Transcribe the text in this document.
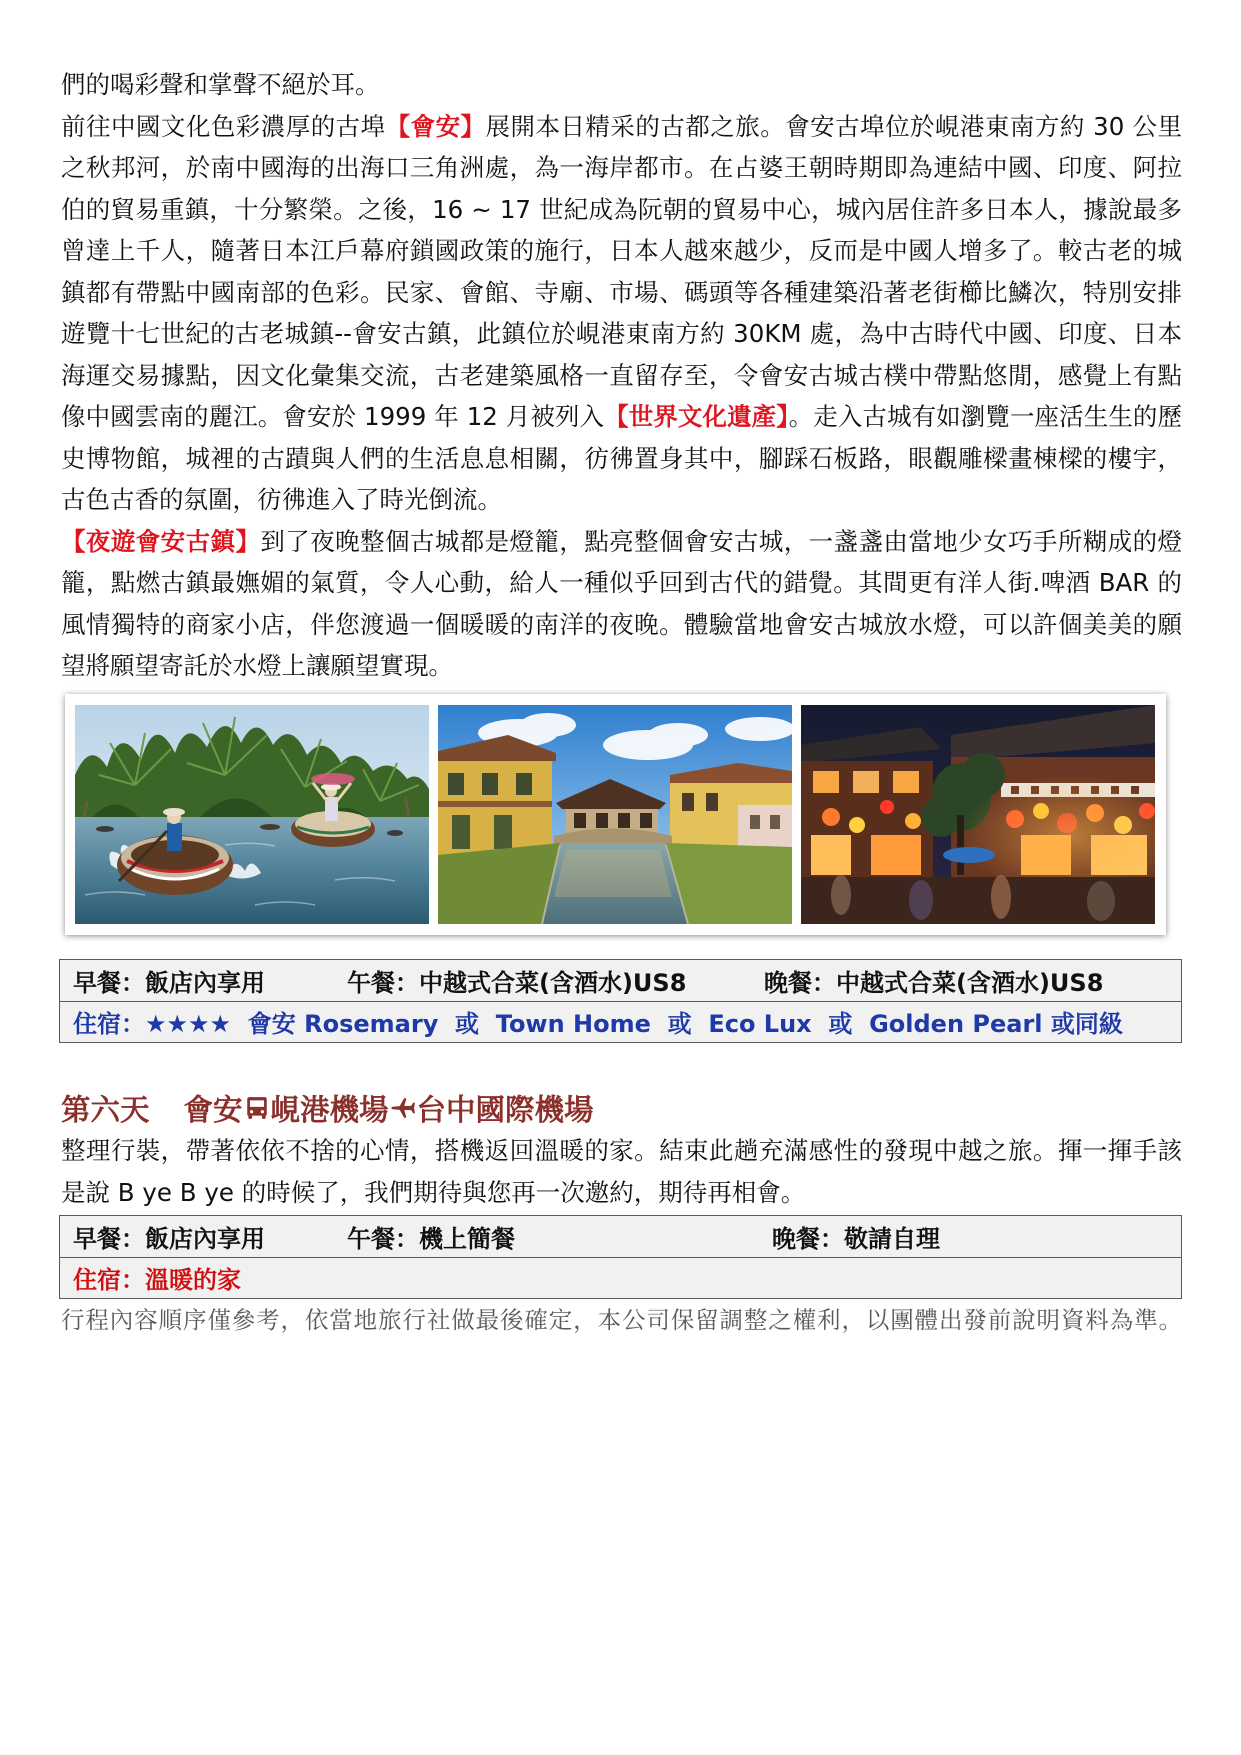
們的喝彩聲和掌聲不絕於耳。

前往中國文化色彩濃厚的古埠【會安】展開本日精采的古都之旅。會安古埠位於峴港東南方約 30 公里之秋邦河，於南中國海的出海口三角洲處，為一海岸都市。在占婆王朝時期即為連結中國、印度、阿拉伯的貿易重鎮，十分繁榮。之後，16 ~ 17 世紀成為阮朝的貿易中心，城內居住許多日本人，據說最多曾達上千人，隨著日本江戶幕府鎖國政策的施行，日本人越來越少，反而是中國人增多了。較古老的城鎮都有帶點中國南部的色彩。民家、會館、寺廟、市場、碼頭等各種建築沿著老街櫛比鱗次，特別安排遊覽十七世紀的古老城鎮--會安古鎮，此鎮位於峴港東南方約 30KM 處，為中古時代中國、印度、日本海運交易據點，因文化彙集交流，古老建築風格一直留存至，令會安古城古樸中帶點悠閒，感覺上有點像中國雲南的麗江。會安於 1999 年 12 月被列入【世界文化遺產】。走入古城有如瀏覽一座活生生的歷史博物館，城裡的古蹟與人們的生活息息相關，彷彿置身其中，腳踩石板路，眼觀雕樑畫棟樑的樓宇，古色古香的氛圍，彷彿進入了時光倒流。

【夜遊會安古鎮】到了夜晚整個古城都是燈籠，點亮整個會安古城，一盞盞由當地少女巧手所糊成的燈籠，點燃古鎮最嫵媚的氣質，令人心動，給人一種似乎回到古代的錯覺。其間更有洋人街.啤酒 BAR 的風情獨特的商家小店，伴您渡過一個暖暖的南洋的夜晚。體驗當地會安古城放水燈，可以許個美美的願望將願望寄託於水燈上讓願望實現。

早餐：飯店內享用	午餐：中越式合菜(含酒水)US8	晚餐：中越式合菜(含酒水)US8
住宿：★★★★  會安 Rosemary  或  Town Home  或  Eco Lux  或  Golden Pearl 或同級
第六天 會安 峴港機場 台中國際機場

整理行裝，帶著依依不捨的心情，搭機返回溫暖的家。結束此趟充滿感性的發現中越之旅。揮一揮手該是說 B ye B ye 的時候了，我們期待與您再一次邀約，期待再相會。

早餐：飯店內享用	午餐：機上簡餐	晚餐：敬請自理
住宿：溫暖的家

行程內容順序僅參考，依當地旅行社做最後確定，本公司保留調整之權利，以團體出發前說明資料為準。
